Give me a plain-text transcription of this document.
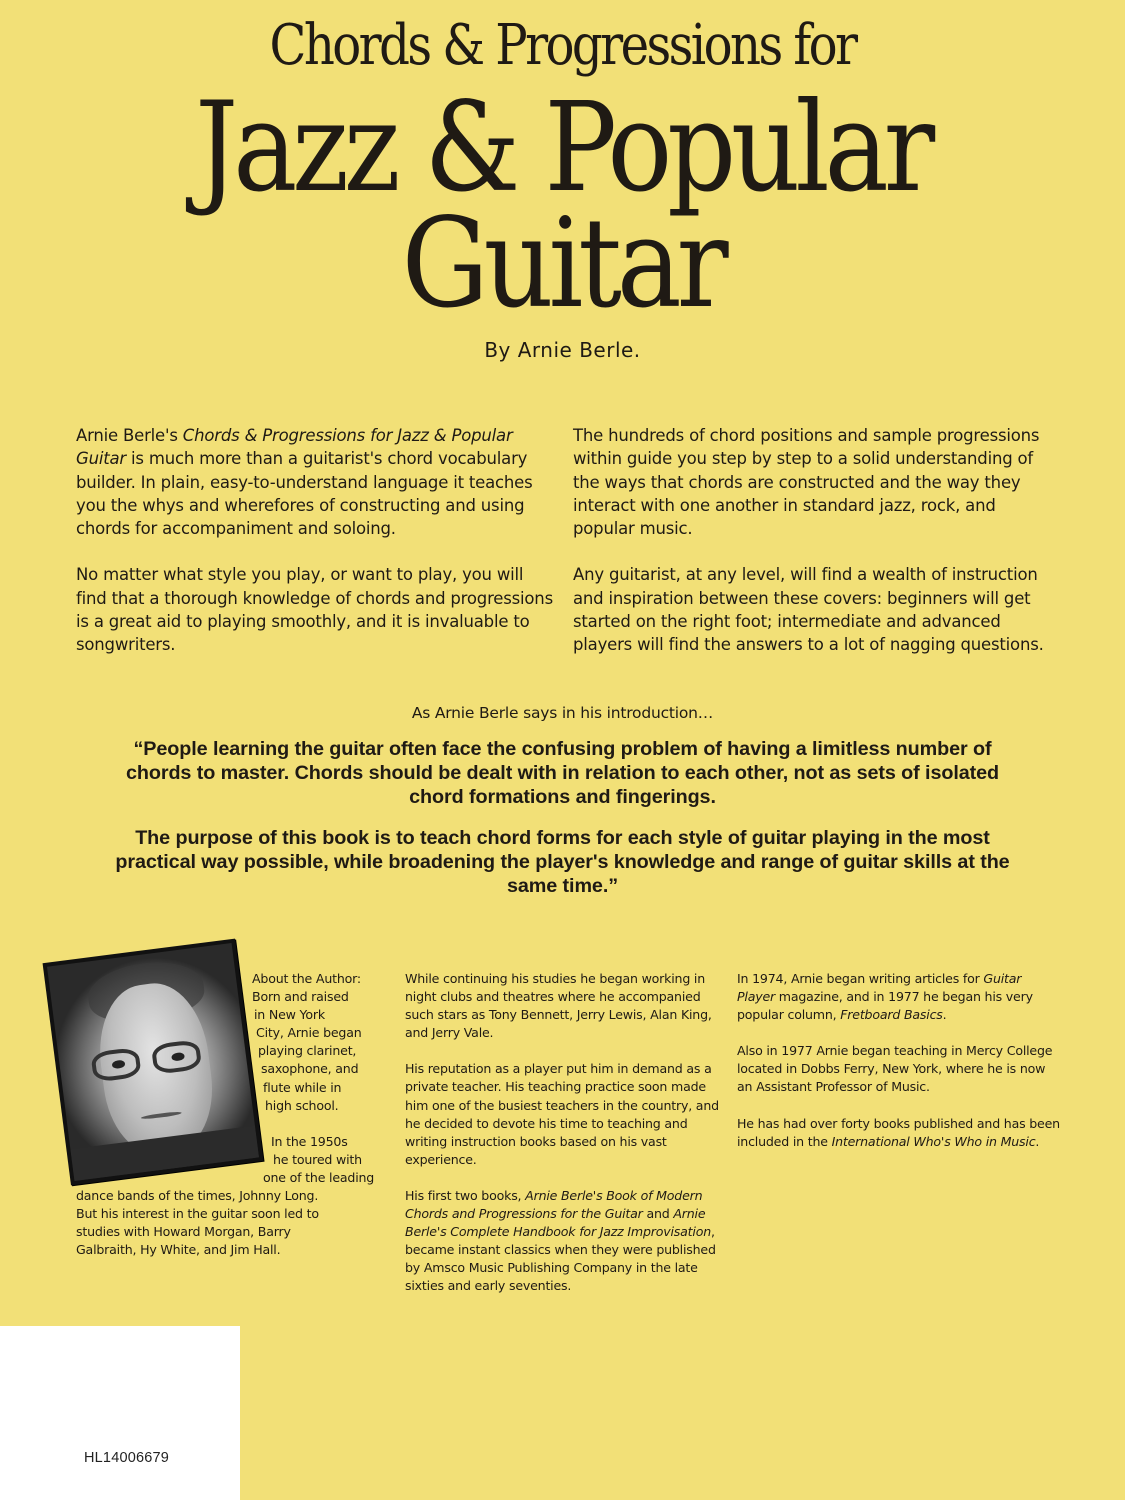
Chords & Progressions for
Jazz & Popular
Guitar
By Arnie Berle.

Arnie Berle's Chords & Progressions for Jazz & Popular Guitar is much more than a guitarist's chord vocabulary builder. In plain, easy-to-understand language it teaches you the whys and wherefores of constructing and using chords for accompaniment and soloing.

No matter what style you play, or want to play, you will find that a thorough knowledge of chords and progressions is a great aid to playing smoothly, and it is invaluable to songwriters.

The hundreds of chord positions and sample progressions within guide you step by step to a solid understanding of the ways that chords are constructed and the way they interact with one another in standard jazz, rock, and popular music.

Any guitarist, at any level, will find a wealth of instruction and inspiration between these covers: beginners will get started on the right foot; intermediate and advanced players will find the answers to a lot of nagging questions.

As Arnie Berle says in his introduction…

“People learning the guitar often face the confusing problem of having a limitless number of chords to master. Chords should be dealt with in relation to each other, not as sets of isolated chord formations and fingerings.

The purpose of this book is to teach chord forms for each style of guitar playing in the most practical way possible, while broadening the player's knowledge and range of guitar skills at the same time.”

About the Author:
Born and raised
in New York
City, Arnie began
playing clarinet,
saxophone, and
flute while in
high school.
In the 1950s
he toured with
one of the leading
dance bands of the times, Johnny Long.
But his interest in the guitar soon led to
studies with Howard Morgan, Barry
Galbraith, Hy White, and Jim Hall.

While continuing his studies he began working in night clubs and theatres where he accompanied such stars as Tony Bennett, Jerry Lewis, Alan King, and Jerry Vale.

His reputation as a player put him in demand as a private teacher. His teaching practice soon made him one of the busiest teachers in the country, and he decided to devote his time to teaching and writing instruction books based on his vast experience.

His first two books, Arnie Berle's Book of Modern Chords and Progressions for the Guitar and Arnie Berle's Complete Handbook for Jazz Improvisation, became instant classics when they were published by Amsco Music Publishing Company in the late sixties and early seventies.

In 1974, Arnie began writing articles for Guitar Player magazine, and in 1977 he began his very popular column, Fretboard Basics.

Also in 1977 Arnie began teaching in Mercy College located in Dobbs Ferry, New York, where he is now an Assistant Professor of Music.

He has had over forty books published and has been included in the International Who's Who in Music.

HL14006679
